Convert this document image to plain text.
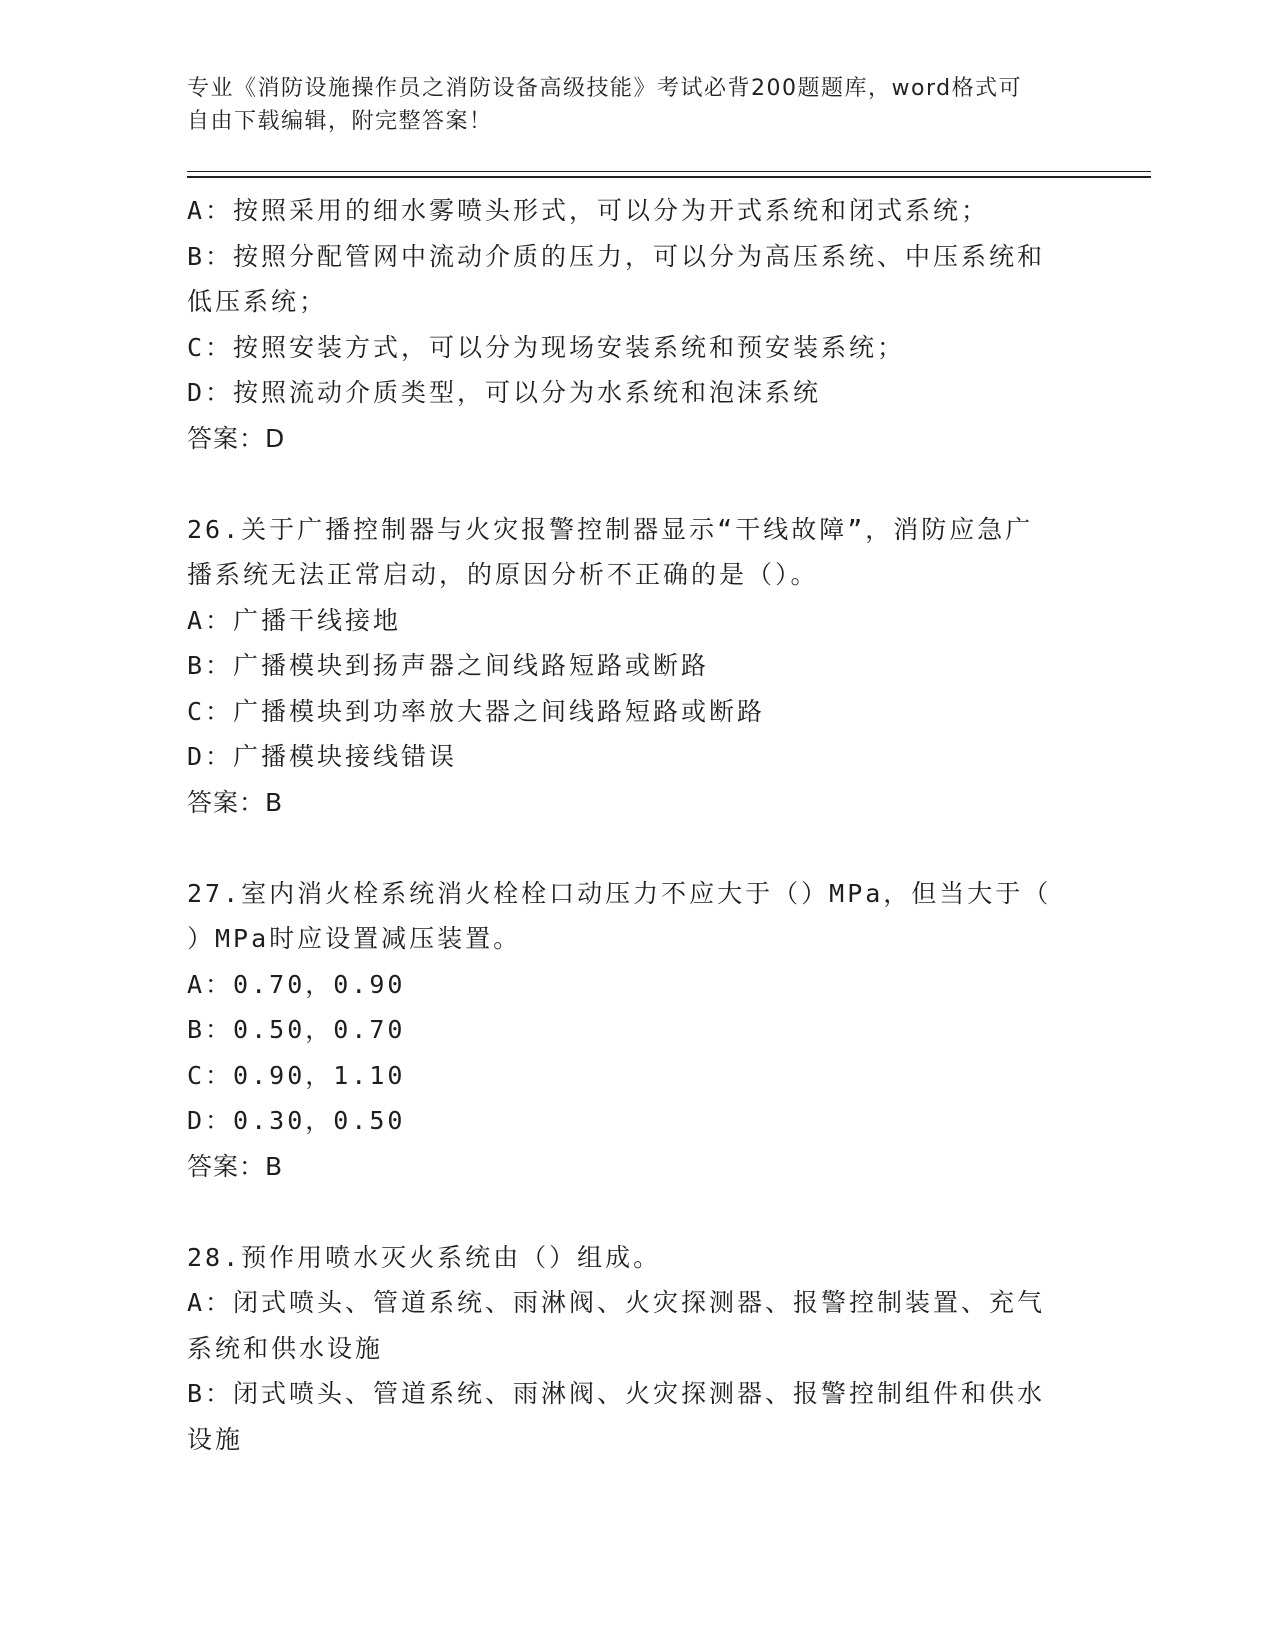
专业《消防设施操作员之消防设备高级技能》考试必背200题题库，word格式可
自由下载编辑，附完整答案！
A：按照采用的细水雾喷头形式，可以分为开式系统和闭式系统；
B：按照分配管网中流动介质的压力，可以分为高压系统、中压系统和
低压系统；
C：按照安装方式，可以分为现场安装系统和预安装系统；
D：按照流动介质类型，可以分为水系统和泡沫系统
答案：D
26.关于广播控制器与火灾报警控制器显示“干线故障”，消防应急广
播系统无法正常启动，的原因分析不正确的是（）。
A：广播干线接地
B：广播模块到扬声器之间线路短路或断路
C：广播模块到功率放大器之间线路短路或断路
D：广播模块接线错误
答案：B
27.室内消火栓系统消火栓栓口动压力不应大于（）MPa，但当大于（
）MPa时应设置减压装置。
A：0.70，0.90
B：0.50，0.70
C：0.90，1.10
D：0.30，0.50
答案：B
28.预作用喷水灭火系统由（）组成。
A：闭式喷头、管道系统、雨淋阀、火灾探测器、报警控制装置、充气
系统和供水设施
B：闭式喷头、管道系统、雨淋阀、火灾探测器、报警控制组件和供水
设施
